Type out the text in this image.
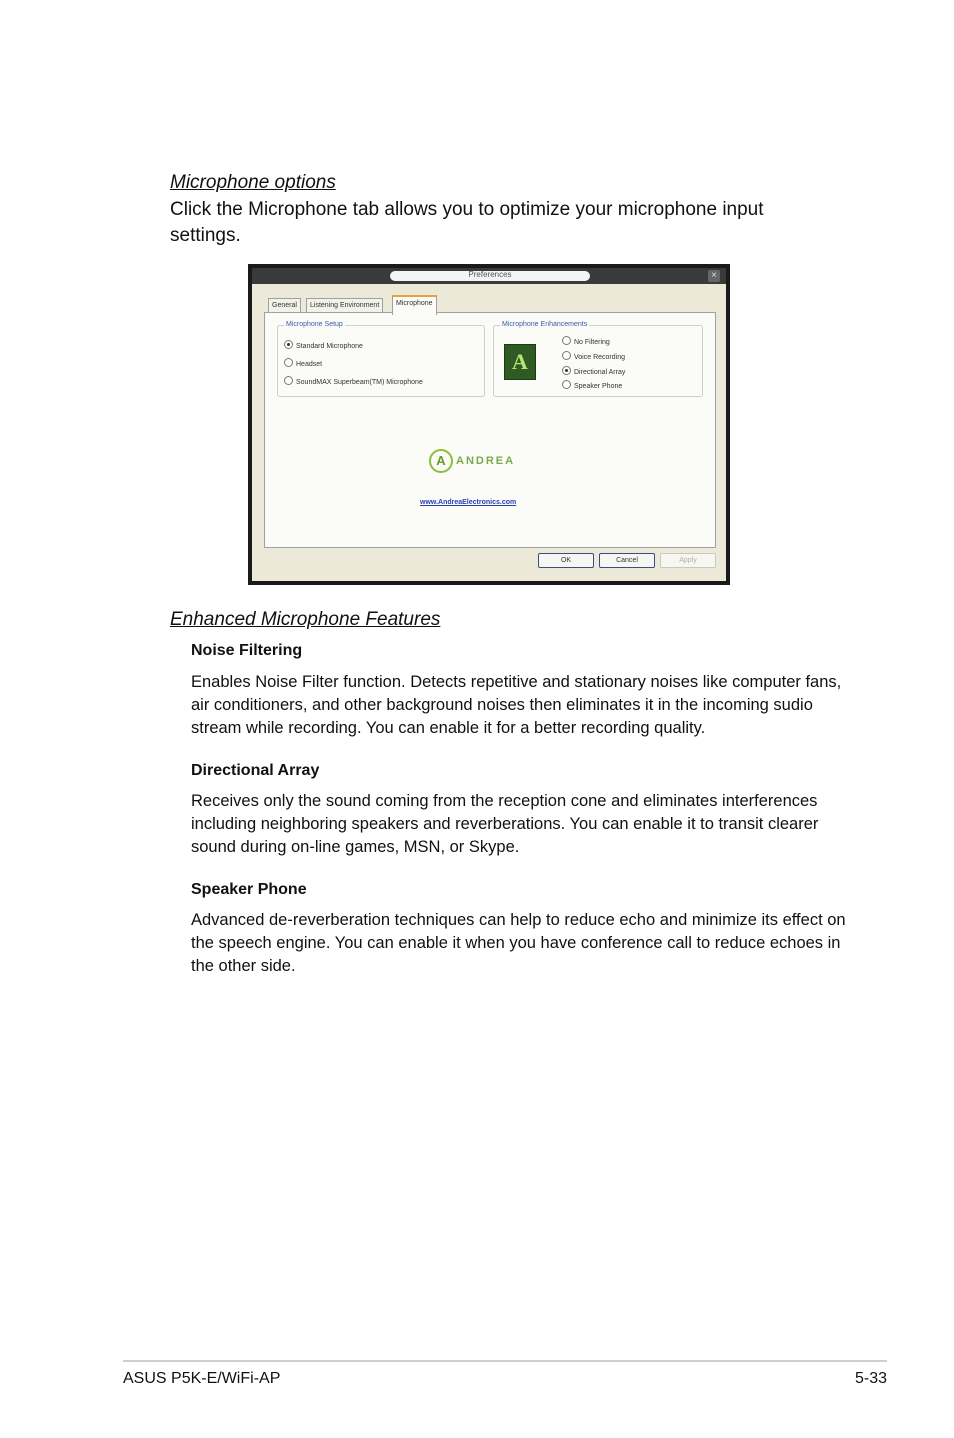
Microphone options
Click the Microphone tab allows you to optimize your microphone input settings.
Preferences	×
General	Listening Environment	Microphone
Microphone Setup
Standard Microphone
Headset
SoundMAX Superbeam(TM) Microphone
Microphone Enhancements
A
No Filtering
Voice Recording
Directional Array
Speaker Phone
A ANDREA
www.AndreaElectronics.com
OK	Cancel	Apply
Enhanced Microphone Features
Noise Filtering
Enables Noise Filter function. Detects repetitive and stationary noises like computer fans, air conditioners, and other background noises then eliminates it in the incoming sudio stream while recording. You can enable it for a better recording quality.
Directional Array
Receives only the sound coming from the reception cone and eliminates interferences including neighboring speakers and reverberations. You can enable it to transit clearer sound during on-line games, MSN, or Skype.
Speaker Phone
Advanced de-reverberation techniques can help to reduce echo and minimize its effect on the speech engine. You can enable it when you have conference call to reduce echoes in the other side.
ASUS P5K-E/WiFi-AP	5-33
